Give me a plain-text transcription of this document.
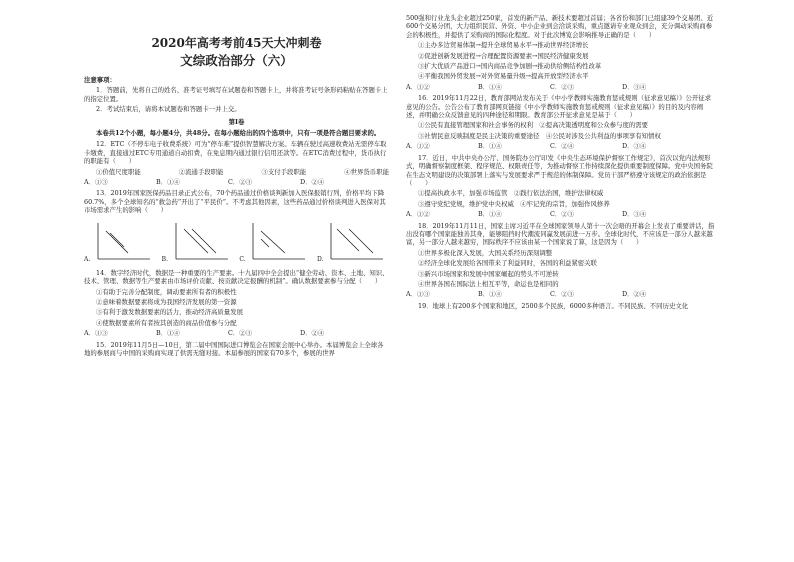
2020年高考考前45天大冲刺卷
文综政治部分（六）

注意事项：

1．答题前，先将自己的姓名、准考证号填写在试题卷和答题卡上，并将准考证号条形码粘贴在答题卡上的指定位置。

2．考试结束后，请将本试题卷和答题卡一并上交。

第Ⅰ卷

本卷共12个小题，每小题4分，共48分。在每小题给出的四个选项中，只有一项是符合题目要求的。

12．ETC（不停车电子收费系统）可为“停车难”提供智慧解决方案。车辆在驶过高速收费站无需停车取卡缴费，直接通过ETC专用通道自动扣费，在免息期内通过银行信用还款等。在ETC消费过程中，货币执行的职能有（　　）

①价值尺度职能	②流通手段职能	③支付手段职能	④世界货币职能
A．①③	B．①④	C．②③	D．②④

13．2019年国家医保药品目录正式公布，70个药品通过价格谈判新加入医保报销行列，价格平均下降60.7%，多个全球知名的“救急药”开出了“平民价”。不考虑其他因素，这些药品通过价格谈判进入医保对其市场需求产生的影响（　　）

A.	B.	C.	D.

14．数字经济时代，数据是一种重要的生产要素。十九届四中全会提出“健全劳动、资本、土地、知识、技术、管理、数据等生产要素由市场评价贡献、按贡献决定报酬的机制”。确认数据要素参与分配（　　）

①有助于完善分配制度，调动要素所有者的积极性

②意味着数据要素将成为我国经济发展的第一资源

③有利于激发数据要素的活力，推动经济高质量发展

④使数据要素所有者按其创造的商品价值参与分配

A．①③	B．①④	C．②③	D．②④

15．2019年11月5日—10日，第二届中国国际进口博览会在国家会展中心举办。本届博览会上全球各地的参展商与中国的采购商实现了供需无缝对接。本届参展的国家有70多个，参展的世界

500强和行业龙头企业超过250家，首发的新产品、新技术要超过首届；各省份和部门已组建39个交易团、近600个交易分团，大力组织民营、外资、中小企业到会洽谈采购，重点邀请专业观众到会，充分调动采购商参会的积极性，并提供了采购商的国际化程度。对于此次博览会影响推导正确的是（　　）

①主办多边贸易体制→提升全球贸易水平→推动世界经济增长

②促进创新发展进程→合理配置资源要素→国民经济健康发展

③扩大优质产品进口→国内商品竞争加剧→推动供给侧结构性改革

④平衡我国外贸发展→对外贸易量升级→提高开放型经济水平

A．①②	B．①④	C．②③	D．③④

16．2019年11月22日，教育部网站发布关于《中小学教师实施教育惩戒规则（征求意见稿）》公开征求意见的公告。公告公布了教育部网页链接《中小学教师实施教育惩戒规则（征求意见稿）》的目的及内容阐述，并明确公众反馈意见的四种途径和期限。教育部公开征求意见是基于（　　）

①公民有直接管理国家和社会事务的权利　②提高决策透明度和公众参与度的需要

③社情民意反映制度是民主决策的重要途径　④公民对涉及公共利益的事项享有知情权

A．①②	B．①④	C．②④	D．③④

17．近日，中共中央办公厅、国务院办公厅印发《中央生态环境保护督察工作规定》，首次以党内法规形式，明确督察制度框架、程序规范、权限责任等，为推动督察工作持续深化提供重要制度保障。党中央国务院在生态文明建设的决策部署上落实与发展要求严于规范的体制保障。党员干部严格遵守该规定的政治依据是（　　）

①提高执政水平，加强市场监管　②践行依法治国，维护法律权威

③遵守党纪党规，维护党中央权威　④牢记党的宗旨，加强作风修养

A．①②	B．①④	C．②③	D．③④

18．2019年11月11日，国家主席习近平在全球国家领导人第十一次会晤的开幕会上发表了重要讲话，指出没有哪个国家能独善其身，能够阻挡时代潮流同赢发展前进一万步。全球化时代，不应该是一部分人越来越富，另一部分人越来越穷，国际秩序不应该由某一个国家说了算，这是因为（　　）

①世界多极化深入发展，大国关系经历深刻调整

②经济全球化发展给各国带来了利益同时，各国的利益紧密关联

③新兴市场国家和发展中国家崛起的势头不可逆转

④世界各国在国际法上相互平等，命运也是相同的

A．①③	B．①④	C．②③	D．②④

19．地球上有200多个国家和地区，2500多个民族，6000多种语言。不同民族、不同历史文化
